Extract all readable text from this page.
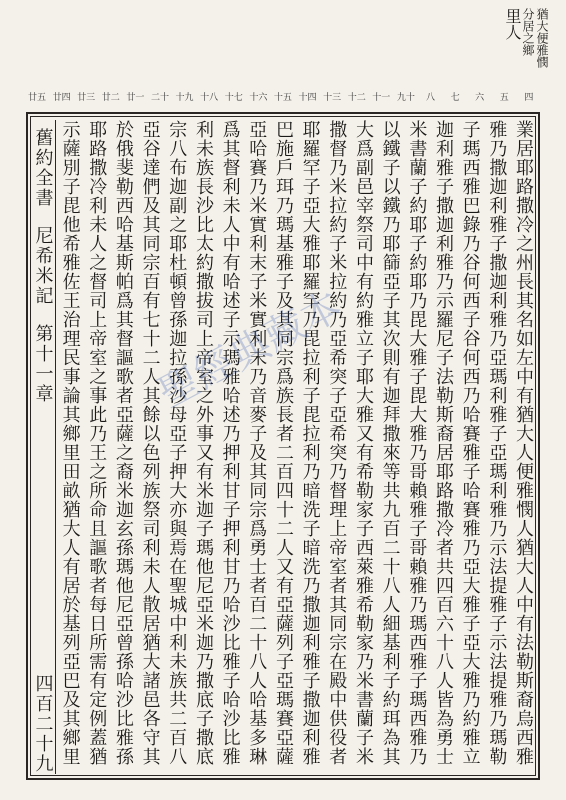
猶大便雅憫
分居之鄉
里人
四
五
六
七
八
九十
十一
十二
十三
十四
十五
十六
十七
十八
十九
二十
廿一
廿二
廿三
廿四
廿五
舊約全書
尼希米記
第十一章
四百二十九
業居耶路撒冷之州長其名如左中有猶大人便雅憫人猶大人中有法勒斯裔烏西雅
雅乃撒迦利雅子撒迦利雅乃亞瑪利雅子亞瑪利雅乃示法提雅子示法提雅乃瑪勒
子瑪西雅巴錄乃谷何西子谷何西乃哈賽雅子哈賽雅乃亞大雅子亞大雅乃約雅立
迦利雅子撒迦利雅乃示羅尼子法勒斯裔居耶路撒冷者共四百六十八人皆為勇士
米書蘭子約耶子約耶乃毘大雅子毘大雅乃哥賴雅子哥賴雅乃瑪西雅子瑪西雅乃
以鐵子以鐵乃耶篩亞子其次則有迦拜撒來等共九百二十八人細基利子約珥為其
大爲副邑宰祭司中有約雅立子耶大雅又有希勒家子西萊雅希勒家乃米書蘭子米
撒督乃米拉約子米拉約乃亞希突子亞希突乃督理上帝室者其同宗在殿中供役者
耶羅罕子亞大雅耶羅罕乃毘拉利子毘拉利乃暗洗子暗洗乃撒迦利雅子撒迦利雅
巴施戶珥乃瑪基雅子及其同宗爲族長者二百四十二人又有亞薩列子亞瑪賽亞薩
亞哈賽乃米實利末子米實利末乃音麥子及其同宗爲勇士者百二十八人哈基多琳
爲其督利未人中有哈述子示瑪雅哈述乃押利甘子押利甘乃哈沙比雅子哈沙比雅
利未族長沙比太約撒拔司上帝室之外事又有米迦子瑪他尼亞米迦乃撒底子撒底
宗八布迦副之耶杜頓曾孫迦拉孫沙母亞子押大亦與焉在聖城中利未族共二百八
亞谷達們及其同宗百有七十二人其餘以色列族祭司利未人散居猶大諸邑各守其
於俄斐勒西哈基斯帕爲其督謳歌者亞薩之裔米迦玄孫瑪他尼亞曾孫哈沙比雅孫
耶路撒冷利未人之督司上帝室之事此乃王之所命且謳歌者每日所需有定例蓋猶
示薩別子毘他希雅佐王治理民事論其鄉里田畝猶大人有居於基列亞巴及其鄉里
聖經典藏本
